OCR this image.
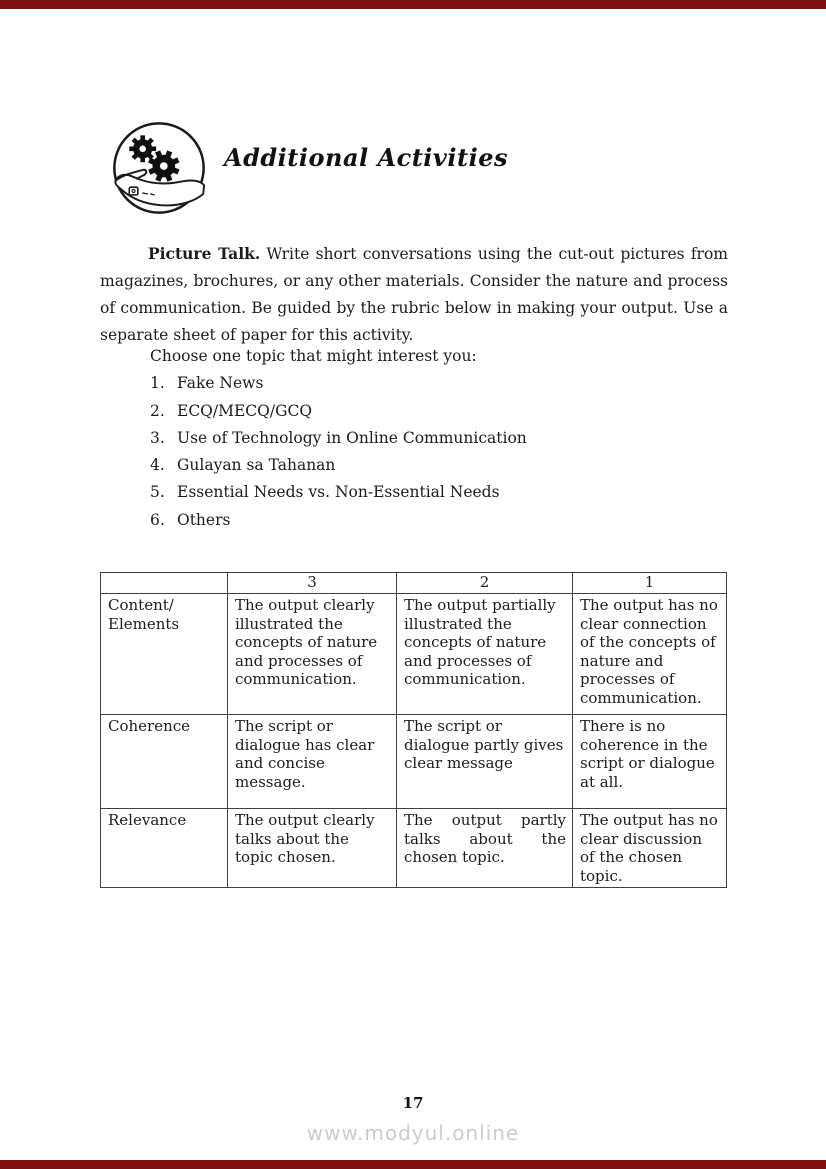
Additional Activities

Picture Talk. Write short conversations using the cut-out pictures from magazines, brochures, or any other materials. Consider the nature and process of communication. Be guided by the rubric below in making your output. Use a separate sheet of paper for this activity.

Choose one topic that might interest you:
1. Fake News
2. ECQ/MECQ/GCQ
3. Use of Technology in Online Communication
4. Gulayan sa Tahanan
5. Essential Needs vs. Non-Essential Needs
6. Others
	3	2	1
Content/ Elements	The output clearly illustrated the concepts of nature and processes of communication.	The output partially illustrated the concepts of nature and processes of communication.	The output has no clear connection of the concepts of nature and processes of communication.
Coherence	The script or dialogue has clear and concise message.	The script or dialogue partly gives clear message	There is no coherence in the script or dialogue at all.
Relevance	The output clearly talks about the topic chosen.	The output partly talks about the chosen topic.	The output has no clear discussion of the chosen topic.
17
www.modyul.online
